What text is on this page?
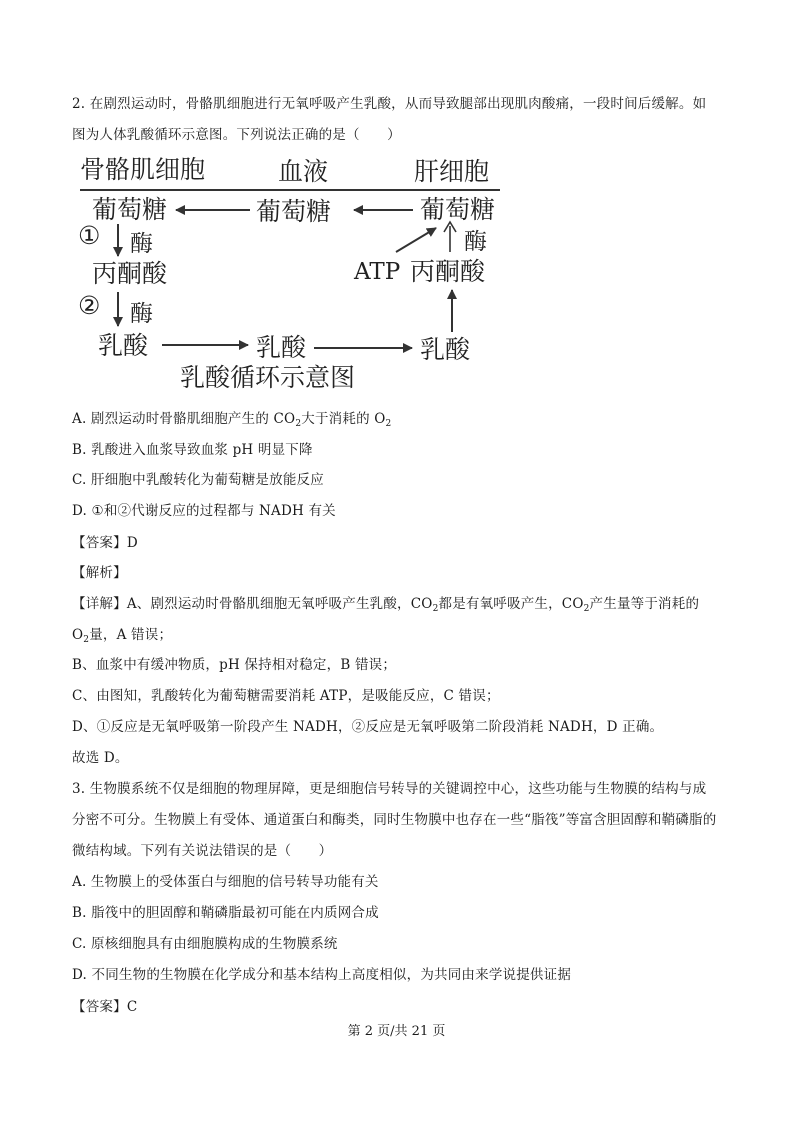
2. 在剧烈运动时，骨骼肌细胞进行无氧呼吸产生乳酸，从而导致腿部出现肌肉酸痛，一段时间后缓解。如
图为人体乳酸循环示意图。下列说法正确的是（　　）
骨骼肌细胞	血液	肝细胞
葡萄糖	葡萄糖	葡萄糖
① 酶
丙酮酸
② 酶
酶
ATP 丙酮酸
乳酸	乳酸	乳酸
乳酸循环示意图
A. 剧烈运动时骨骼肌细胞产生的 $CO_2$大于消耗的 $O_2$
B. 乳酸进入血浆导致血浆 pH 明显下降
C. 肝细胞中乳酸转化为葡萄糖是放能反应
D. ①和②代谢反应的过程都与 NADH 有关
【答案】D
【解析】
【详解】A、剧烈运动时骨骼肌细胞无氧呼吸产生乳酸，$CO_2$都是有氧呼吸产生，$CO_2$产生量等于消耗的
$O_2$量，A 错误；
B、血浆中有缓冲物质，pH 保持相对稳定，B 错误；
C、由图知，乳酸转化为葡萄糖需要消耗 ATP，是吸能反应，C 错误；
D、①反应是无氧呼吸第一阶段产生 NADH，②反应是无氧呼吸第二阶段消耗 NADH，D 正确。
故选 D。
3. 生物膜系统不仅是细胞的物理屏障，更是细胞信号转导的关键调控中心，这些功能与生物膜的结构与成
分密不可分。生物膜上有受体、通道蛋白和酶类，同时生物膜中也存在一些“脂筏”等富含胆固醇和鞘磷脂的
微结构域。下列有关说法错误的是（　　）
A. 生物膜上的受体蛋白与细胞的信号转导功能有关
B. 脂筏中的胆固醇和鞘磷脂最初可能在内质网合成
C. 原核细胞具有由细胞膜构成的生物膜系统
D. 不同生物的生物膜在化学成分和基本结构上高度相似，为共同由来学说提供证据
【答案】C
第 2 页/共 21 页
